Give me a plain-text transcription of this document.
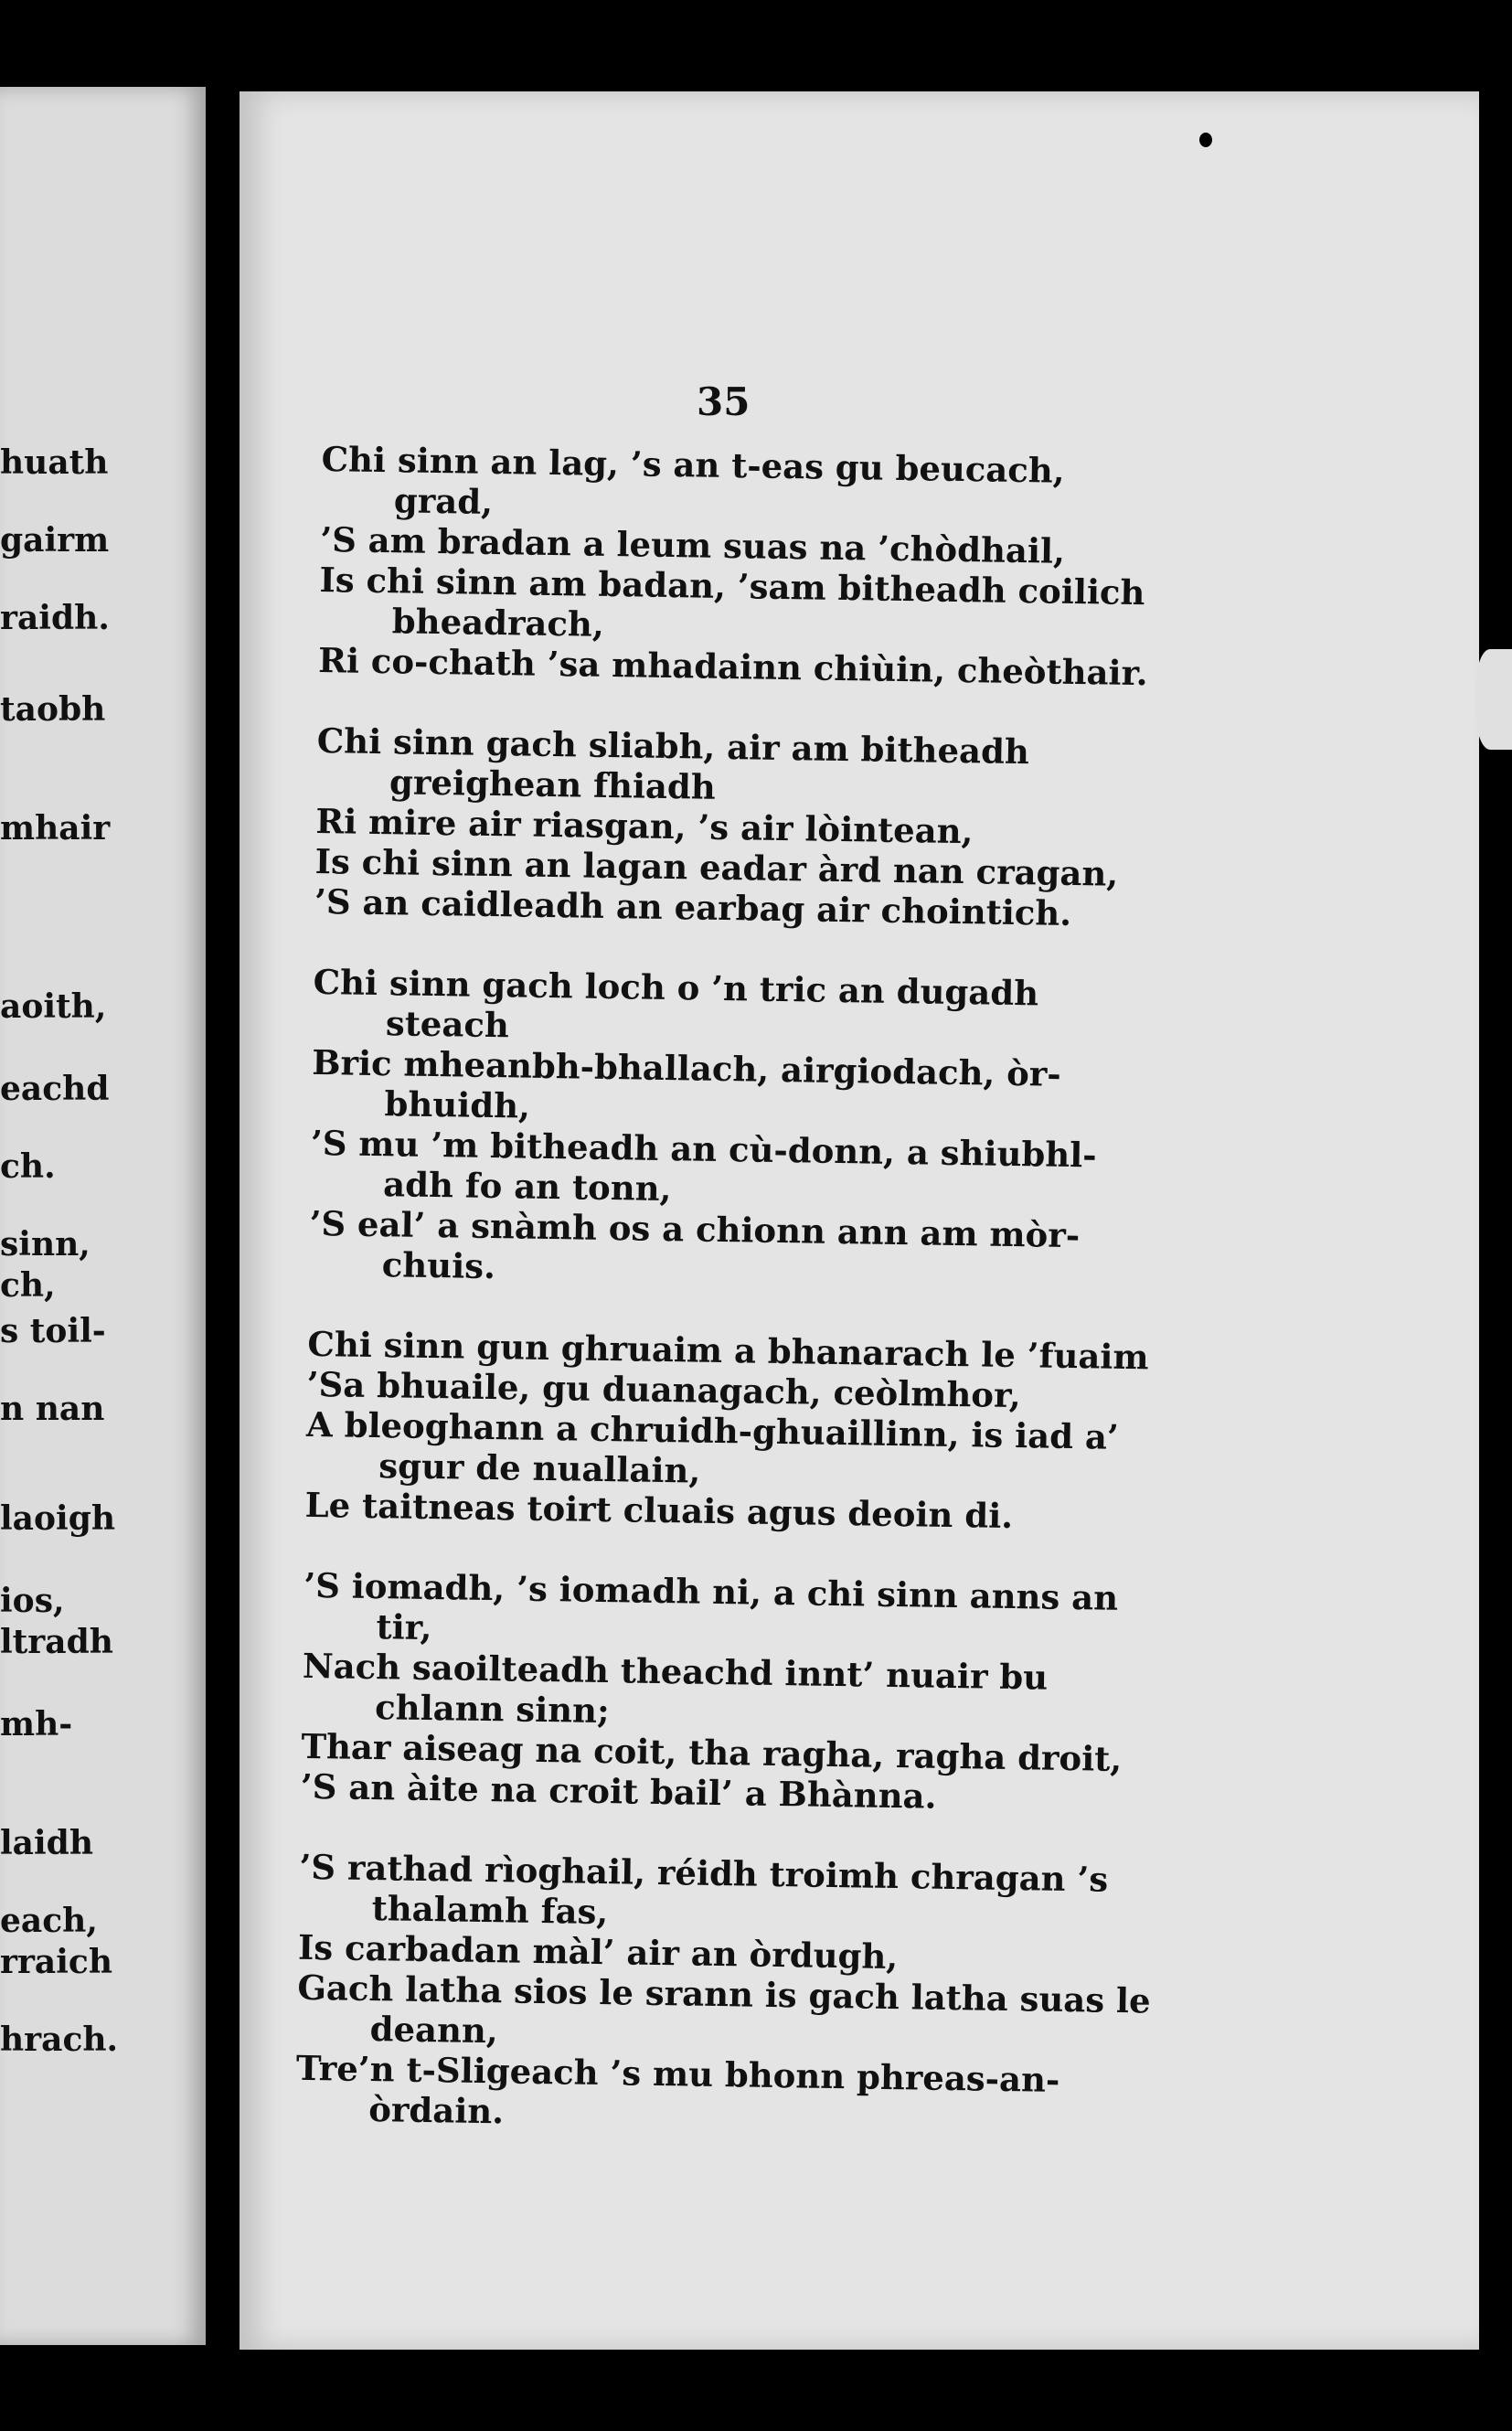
huath
gairm
raidh.
taobh
mhair
aoith,
eachd
ch.
sinn,
ch,
s toil-
n nan
laoigh
ios,
ltradh
mh-
laidh
each,
rraich
hrach.
35
Chi sinn an lag, ’s an t-eas gu beucach,
grad,
’S am bradan a leum suas na ’chòdhail,
Is chi sinn am badan, ’sam bitheadh coilich
bheadrach,
Ri co-chath ’sa mhadainn chiùin, cheòthair.
Chi sinn gach sliabh, air am bitheadh
greighean fhiadh
Ri mire air riasgan, ’s air lòintean,
Is chi sinn an lagan eadar àrd nan cragan,
’S an caidleadh an earbag air chointich.
Chi sinn gach loch o ’n tric an dugadh
steach
Bric mheanbh-bhallach, airgiodach, òr-
bhuidh,
’S mu ’m bitheadh an cù-donn, a shiubhl-
adh fo an tonn,
’S eal’ a snàmh os a chionn ann am mòr-
chuis.
Chi sinn gun ghruaim a bhanarach le ’fuaim
’Sa bhuaile, gu duanagach, ceòlmhor,
A bleoghann a chruidh-ghuaillinn, is iad a’
sgur de nuallain,
Le taitneas toirt cluais agus deoin di.
’S iomadh, ’s iomadh ni, a chi sinn anns an
tir,
Nach saoilteadh theachd innt’ nuair bu
chlann sinn;
Thar aiseag na coit, tha ragha, ragha droit,
’S an àite na croit bail’ a Bhànna.
’S rathad rìoghail, réidh troimh chragan ’s
thalamh fas,
Is carbadan màl’ air an òrdugh,
Gach latha sios le srann is gach latha suas le
deann,
Tre’n t-Sligeach ’s mu bhonn phreas-an-
òrdain.
